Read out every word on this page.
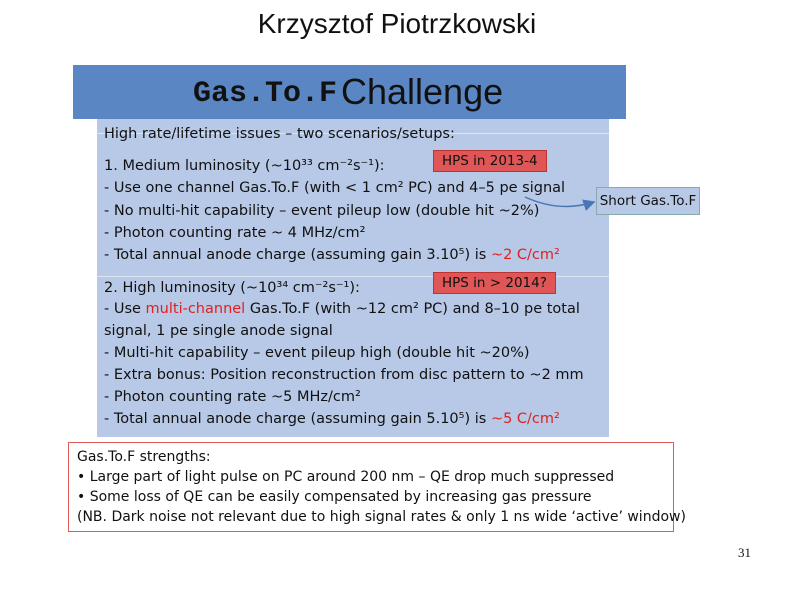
Krzysztof Piotrzkowski
Gas.To.F Challenge
High rate/lifetime issues – two scenarios/setups:
1. Medium luminosity (~10³³ cm⁻²s⁻¹):
- Use one channel Gas.To.F (with < 1 cm² PC) and 4–5 pe signal
- No multi-hit capability – event pileup low (double hit ~2%)
- Photon counting rate ~ 4 MHz/cm²
- Total annual anode charge (assuming gain 3.10⁵) is ~2 C/cm²
2. High luminosity (~10³⁴ cm⁻²s⁻¹):
- Use multi-channel Gas.To.F (with ~12 cm² PC) and 8–10 pe total
signal, 1 pe single anode signal
- Multi-hit capability – event pileup high (double hit ~20%)
- Extra bonus: Position reconstruction from disc pattern to ~2 mm
- Photon counting rate ~5 MHz/cm²
- Total annual anode charge (assuming gain 5.10⁵) is ~5 C/cm²
HPS in 2013-4
HPS in > 2014?
Short Gas.To.F
Gas.To.F strengths:
• Large part of light pulse on PC around 200 nm – QE drop much suppressed
• Some loss of QE can be easily compensated by increasing gas pressure
(NB. Dark noise not relevant due to high signal rates & only 1 ns wide ‘active’ window)
31
